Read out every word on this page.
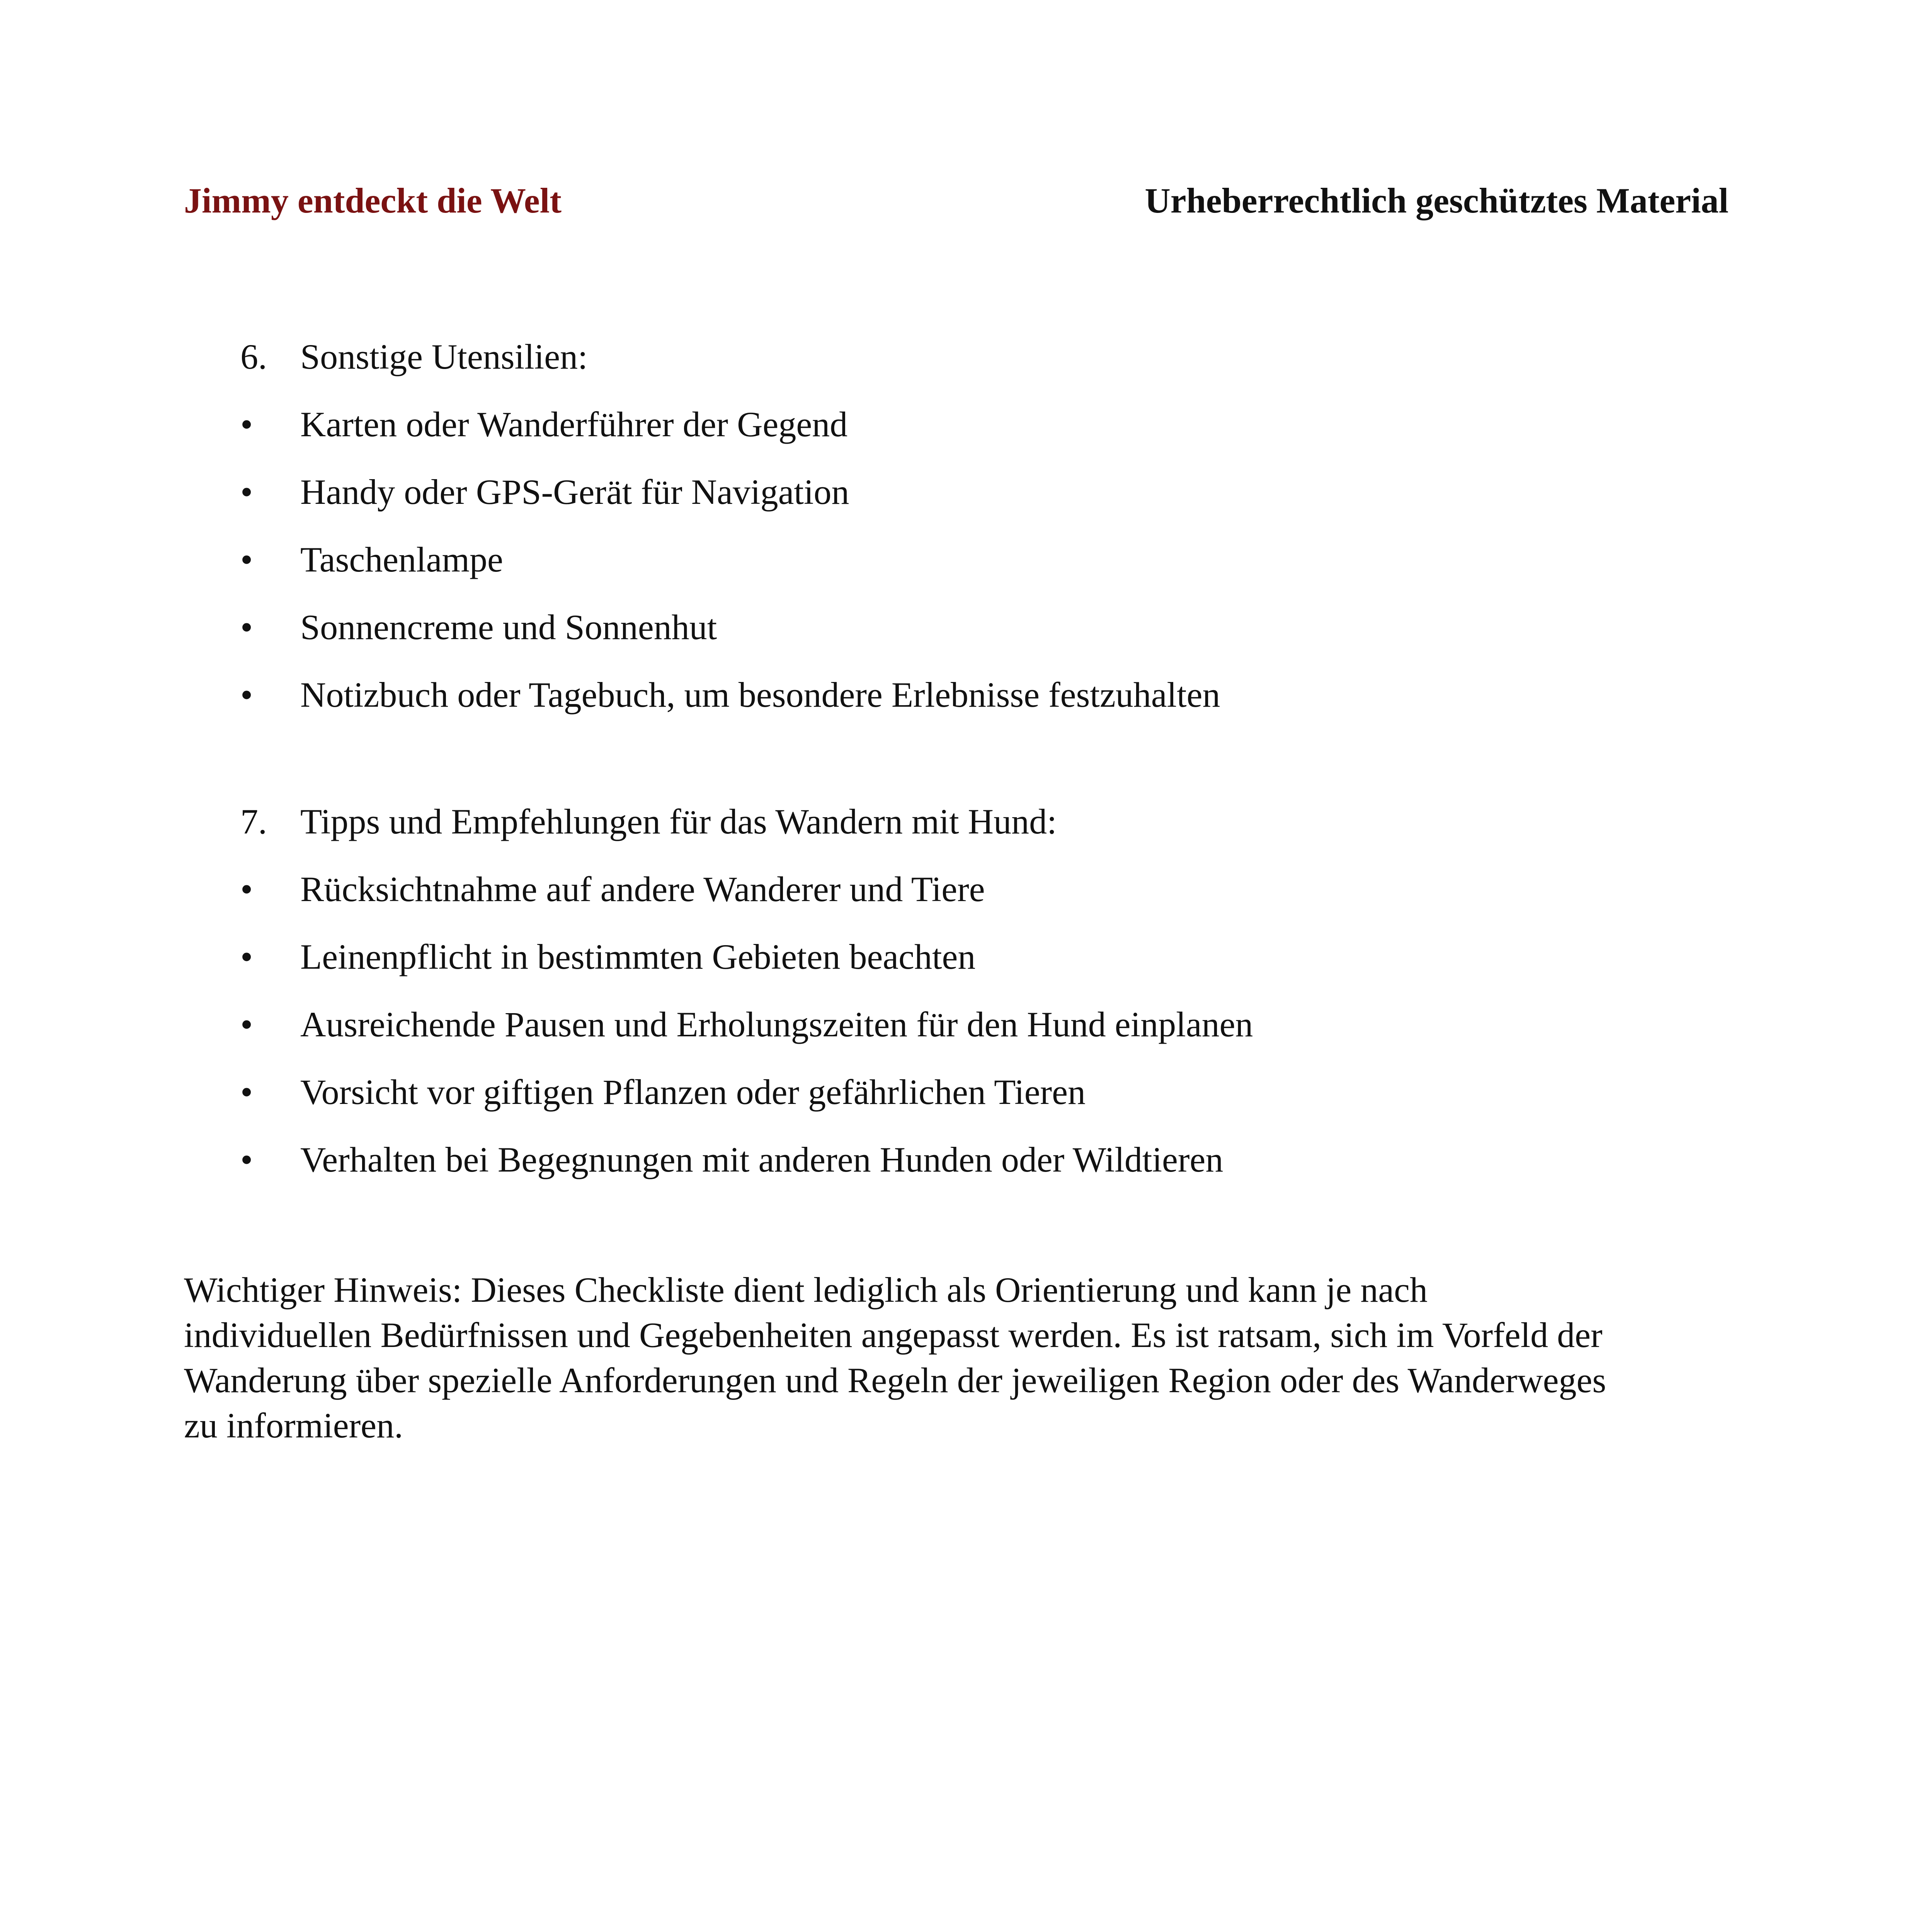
Jimmy entdeckt die Welt	Urheberrechtlich geschütztes Material
6. Sonstige Utensilien:
• Karten oder Wanderführer der Gegend
• Handy oder GPS-Gerät für Navigation
• Taschenlampe
• Sonnencreme und Sonnenhut
• Notizbuch oder Tagebuch, um besondere Erlebnisse festzuhalten
7. Tipps und Empfehlungen für das Wandern mit Hund:
• Rücksichtnahme auf andere Wanderer und Tiere
• Leinenpflicht in bestimmten Gebieten beachten
• Ausreichende Pausen und Erholungszeiten für den Hund einplanen
• Vorsicht vor giftigen Pflanzen oder gefährlichen Tieren
• Verhalten bei Begegnungen mit anderen Hunden oder Wildtieren
Wichtiger Hinweis: Dieses Checkliste dient lediglich als Orientierung und kann je nach
individuellen Bedürfnissen und Gegebenheiten angepasst werden. Es ist ratsam, sich im Vorfeld der
Wanderung über spezielle Anforderungen und Regeln der jeweiligen Region oder des Wanderweges
zu informieren.
